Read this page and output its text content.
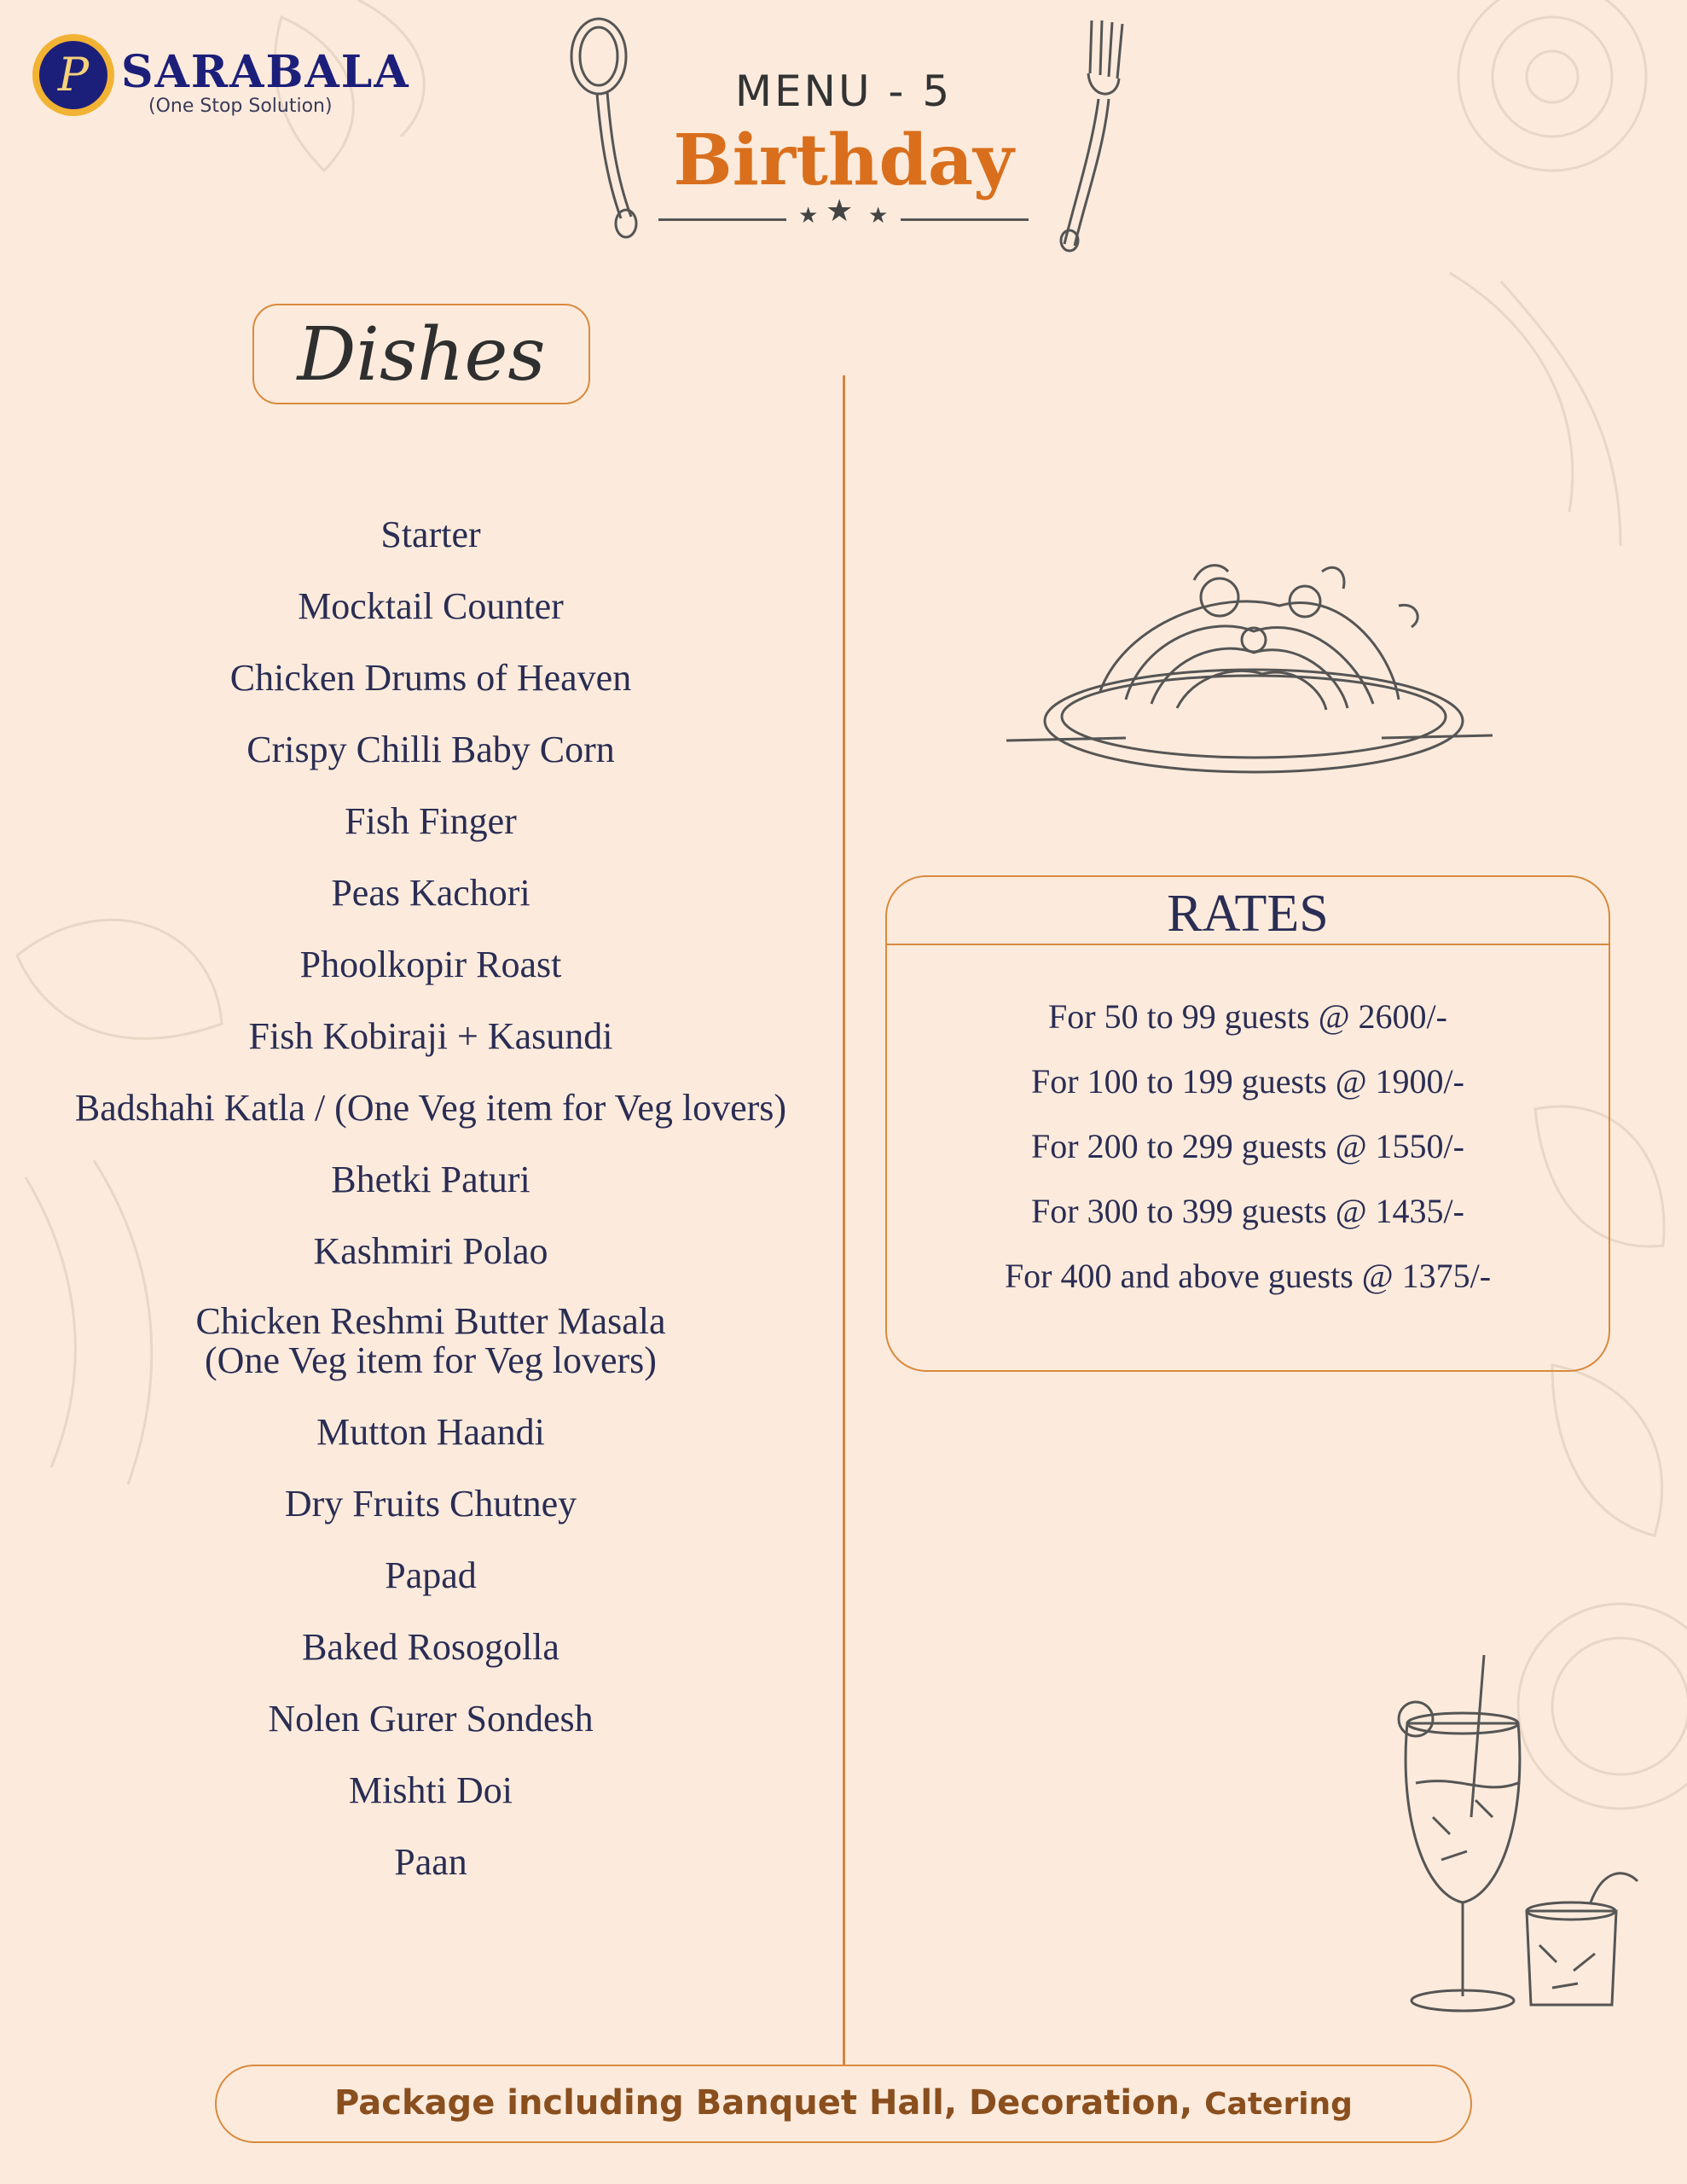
P SARABALA
(One Stop Solution)	MENU - 5
Birthday
★ ★ ★
Dishes
Starter
Mocktail Counter
Chicken Drums of Heaven
Crispy Chilli Baby Corn
Fish Finger
Peas Kachori
Phoolkopir Roast
Fish Kobiraji + Kasundi
Badshahi Katla / (One Veg item for Veg lovers)
Bhetki Paturi
Kashmiri Polao
Chicken Reshmi Butter Masala
(One Veg item for Veg lovers)
Mutton Haandi
Dry Fruits Chutney
Papad
Baked Rosogolla
Nolen Gurer Sondesh
Mishti Doi
Paan
RATES
For 50 to 99 guests @ 2600/-
For 100 to 199 guests @ 1900/-
For 200 to 299 guests @ 1550/-
For 300 to 399 guests @ 1435/-
For 400 and above guests @ 1375/-
Package including Banquet Hall, Decoration, Catering
